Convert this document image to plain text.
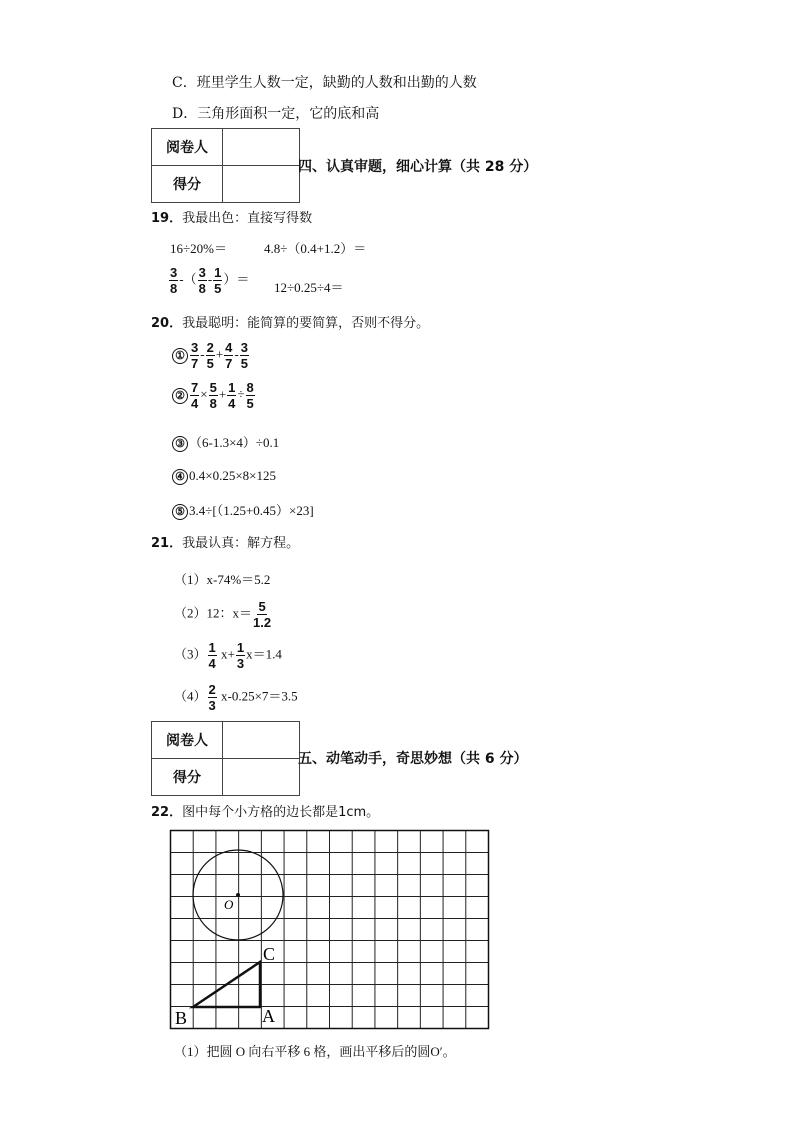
C．班里学生人数一定，缺勤的人数和出勤的人数
D．三角形面积一定，它的底和高
阅卷人	
得分	
四、认真审题，细心计算（共 28 分）
19．我最出色：直接写得数
16÷20%＝	4.8÷（0.4+1.2）＝
$\frac{3}{8}$ -（ $\frac{3}{8} - \frac{1}{5}$ ）＝
12÷0.25÷4＝
20．我最聪明：能简算的要简算，否则不得分。
① $\frac{3}{7} - \frac{2}{5} + \frac{4}{7} - \frac{3}{5}$
② $\frac{7}{4} \times \frac{5}{8} + \frac{1}{4} \div \frac{8}{5}$
③ （6-1.3×4）÷0.1
④ 0.4×0.25×8×125
⑤ 3.4÷[（1.25+0.45）×23]
21．我最认真：解方程。
（1）x-74%＝5.2
（2）12：$x= \frac{5}{1.2}$
$(3) \frac{1}{4} x+ \frac{1}{3} x=1.4$
$(4) \frac{2}{3} x-0.25\times 7=3.5$
阅卷人	
得分	
五、动笔动手，奇思妙想（共 6 分）
22．图中每个小方格的边长都是1cm。
O
C
B	A
（1）把圆 O 向右平移 6 格，画出平移后的圆O′。
